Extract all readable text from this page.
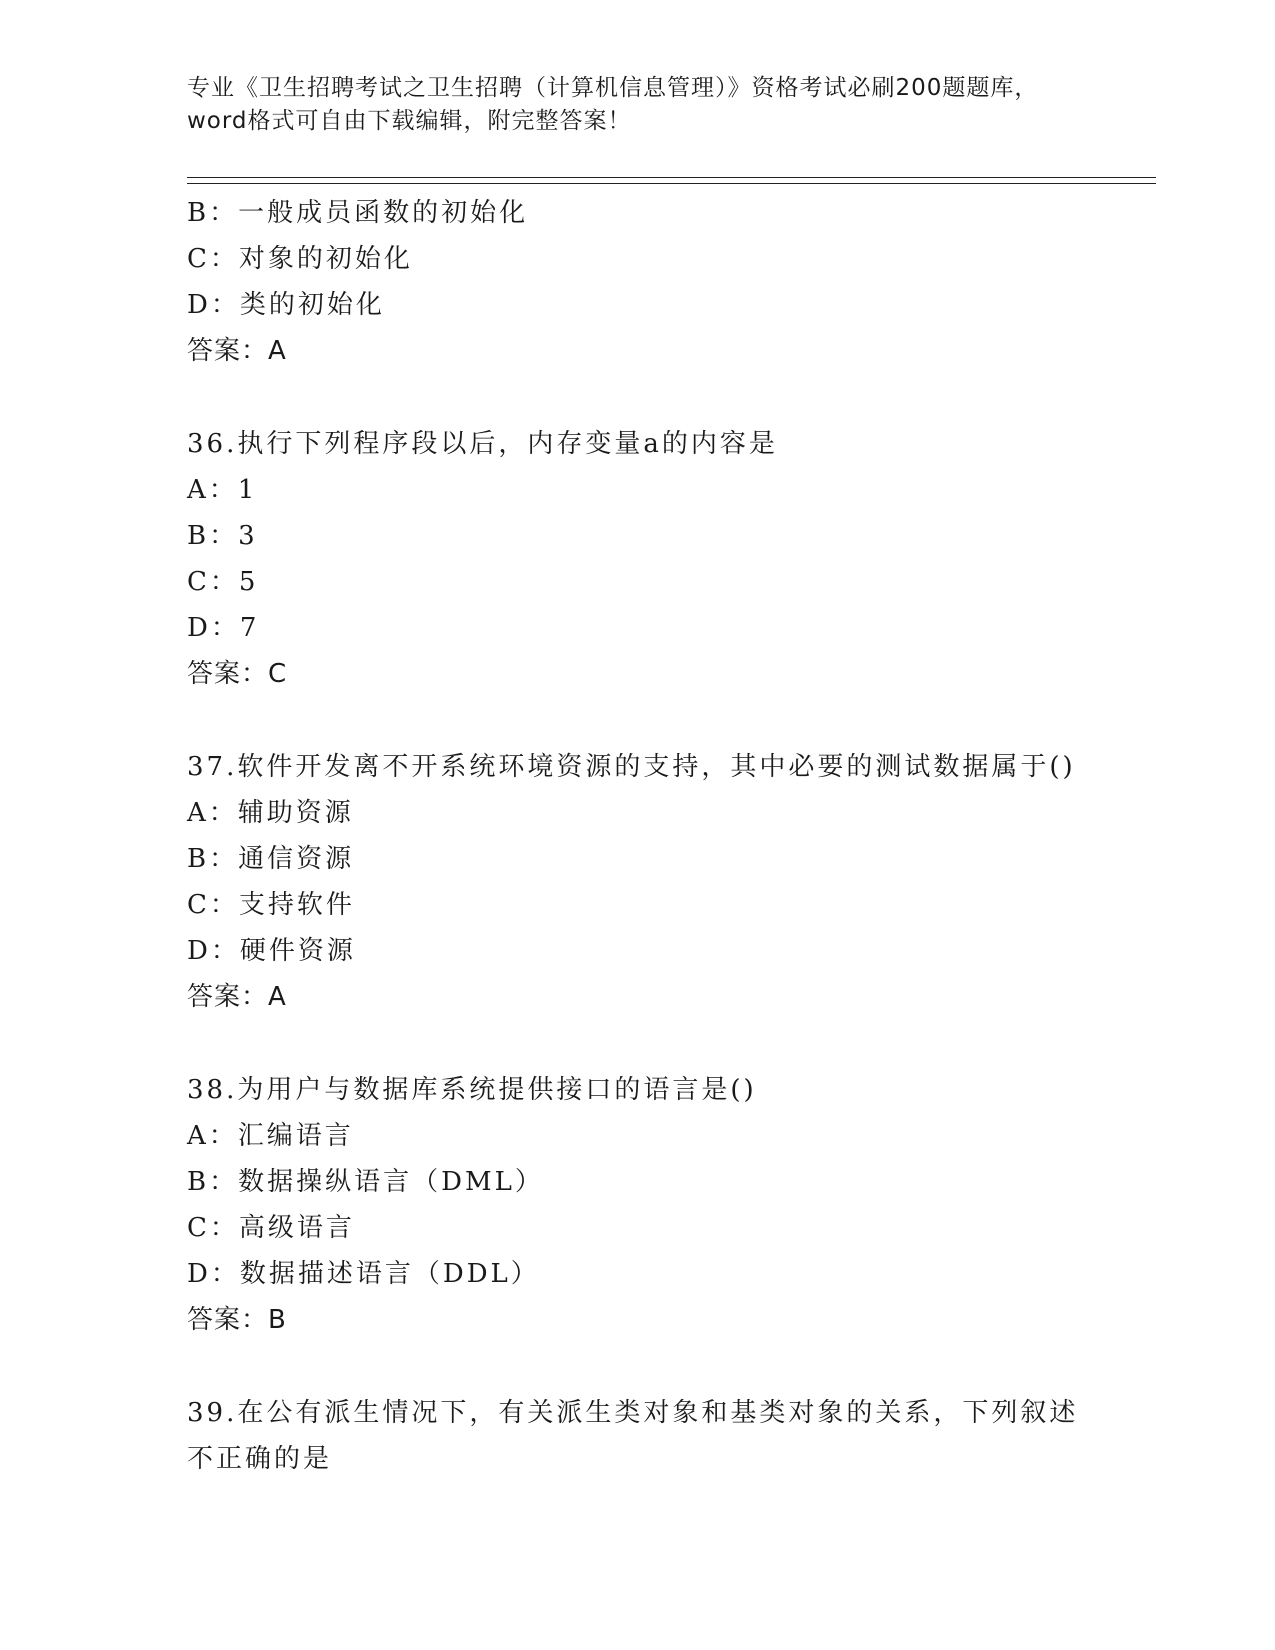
专业《卫生招聘考试之卫生招聘（计算机信息管理）》资格考试必刷200题题库，
word格式可自由下载编辑，附完整答案！
B：一般成员函数的初始化
C：对象的初始化
D：类的初始化
答案：A
36.执行下列程序段以后，内存变量a的内容是
A：1
B：3
C：5
D：7
答案：C
37.软件开发离不开系统环境资源的支持，其中必要的测试数据属于()
A：辅助资源
B：通信资源
C：支持软件
D：硬件资源
答案：A
38.为用户与数据库系统提供接口的语言是()
A：汇编语言
B：数据操纵语言（DML）
C：高级语言
D：数据描述语言（DDL）
答案：B
39.在公有派生情况下，有关派生类对象和基类对象的关系，下列叙述
不正确的是
